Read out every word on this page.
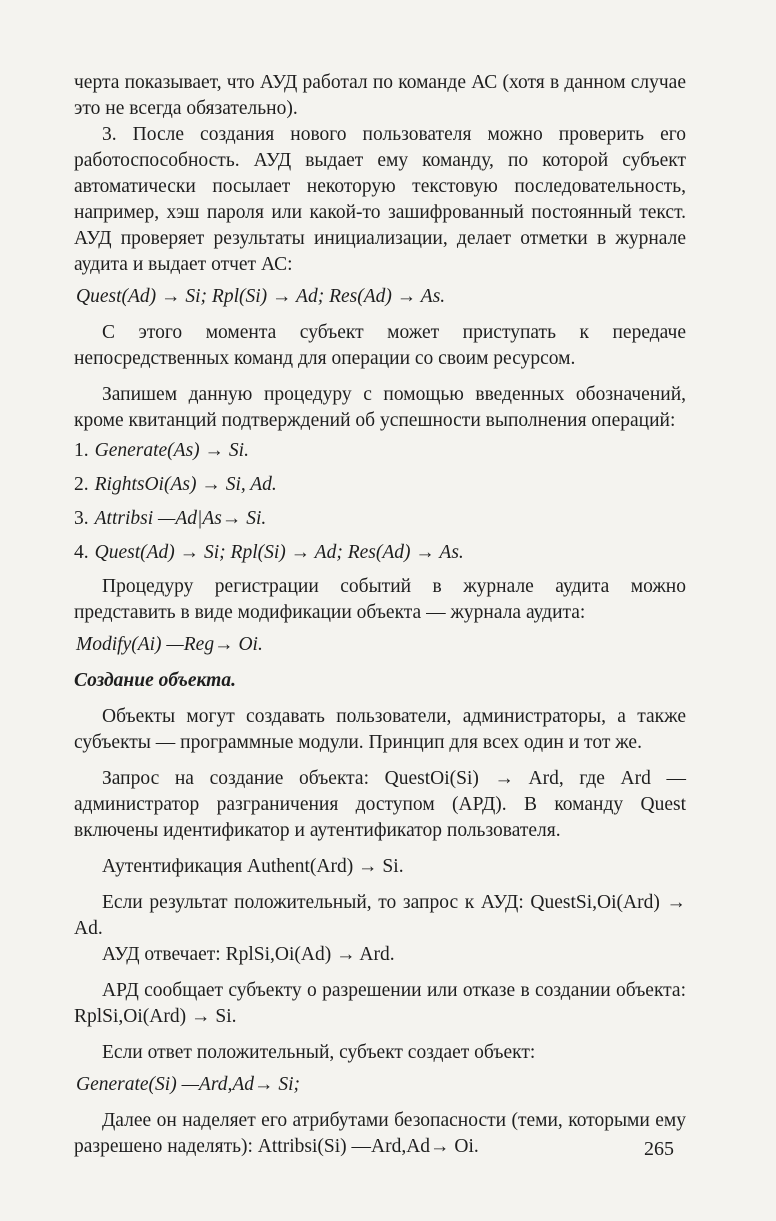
черта показывает, что АУД работал по команде АС (хотя в данном случае это не всегда обязательно).

3. После создания нового пользователя можно проверить его работоспособность. АУД выдает ему команду, по которой субъект автоматически посылает некоторую текстовую последовательность, например, хэш пароля или какой-то зашифрованный постоянный текст. АУД проверяет результаты инициализации, делает отметки в журнале аудита и выдает отчет АС:

Quest(Ad) → Si; Rpl(Si) → Ad; Res(Ad) → As.

С этого момента субъект может приступать к передаче непосредственных команд для операции со своим ресурсом.

Запишем данную процедуру с помощью введенных обозначений, кроме квитанций подтверждений об успешности выполнения операций:

1. Generate(As) → Si.
2. RightsOi(As) → Si, Ad.
3. Attribsi —Ad|As→ Si.
4. Quest(Ad) → Si; Rpl(Si) → Ad; Res(Ad) → As.

Процедуру регистрации событий в журнале аудита можно представить в виде модификации объекта — журнала аудита:

Modify(Ai) —Reg→ Oi.

Создание объекта.

Объекты могут создавать пользователи, администраторы, а также субъекты — программные модули. Принцип для всех один и тот же.

Запрос на создание объекта: QuestOi(Si) → Ard, где Ard — администратор разграничения доступом (АРД). В команду Quest включены идентификатор и аутентификатор пользователя.

Аутентификация Authent(Ard) → Si.

Если результат положительный, то запрос к АУД: QuestSi,Oi(Ard) → Ad.

АУД отвечает: RplSi,Oi(Ad) → Ard.

АРД сообщает субъекту о разрешении или отказе в создании объекта: RplSi,Oi(Ard) → Si.

Если ответ положительный, субъект создает объект:

Generate(Si) —Ard,Ad→ Si;

Далее он наделяет его атрибутами безопасности (теми, которыми ему разрешено наделять): Attribsi(Si) —Ard,Ad→ Oi.	265
